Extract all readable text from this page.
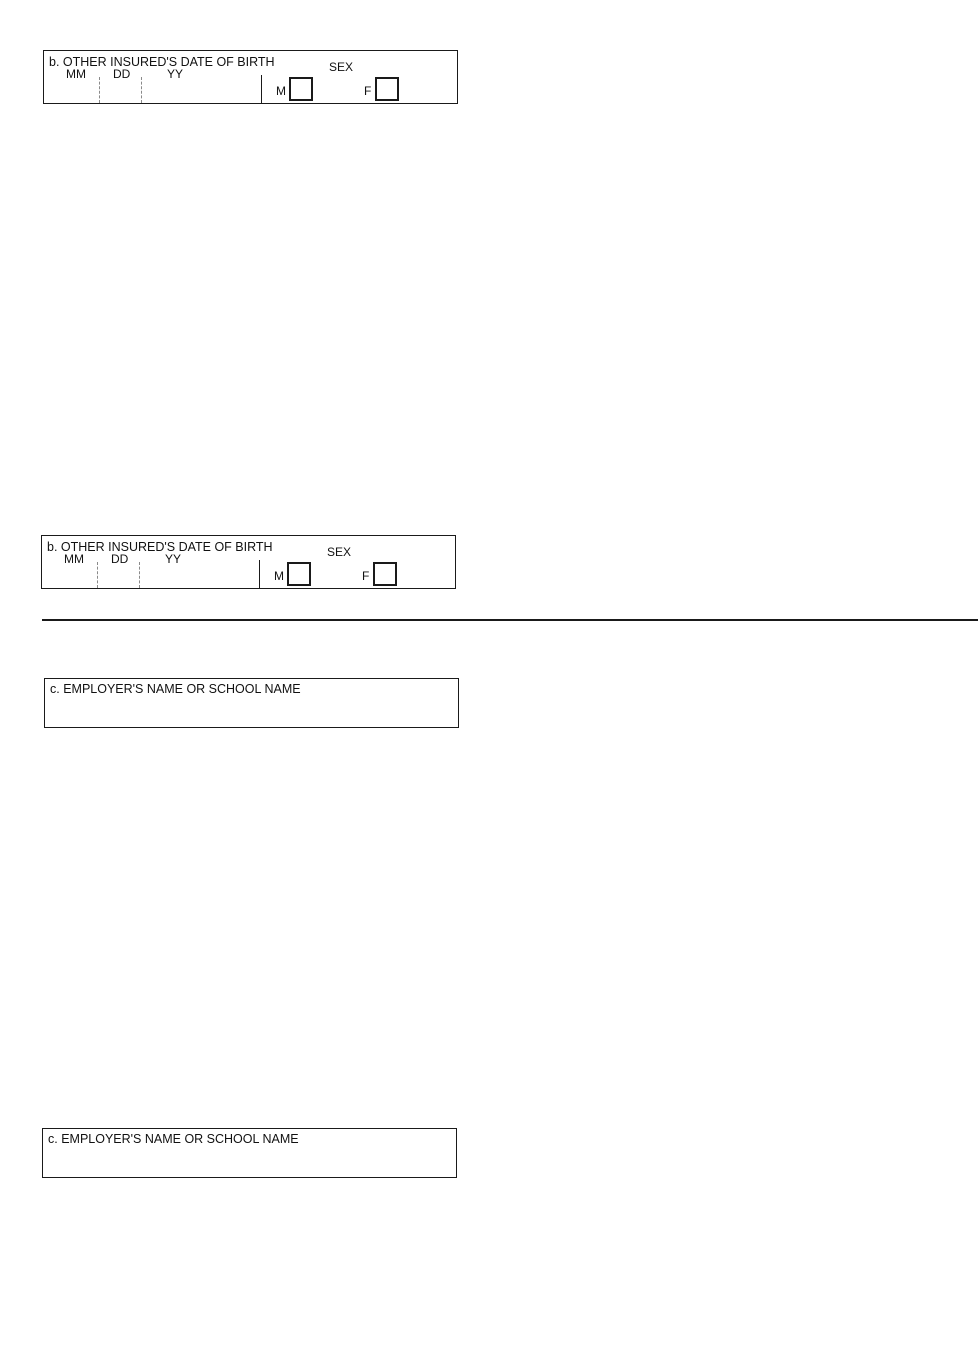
b. OTHER INSURED'S DATE OF BIRTH
MM DD	YY	SEX
M	F
b. OTHER INSURED'S DATE OF BIRTH
MM DD	YY	SEX
M	F
c. EMPLOYER'S NAME OR SCHOOL NAME
c. EMPLOYER'S NAME OR SCHOOL NAME
